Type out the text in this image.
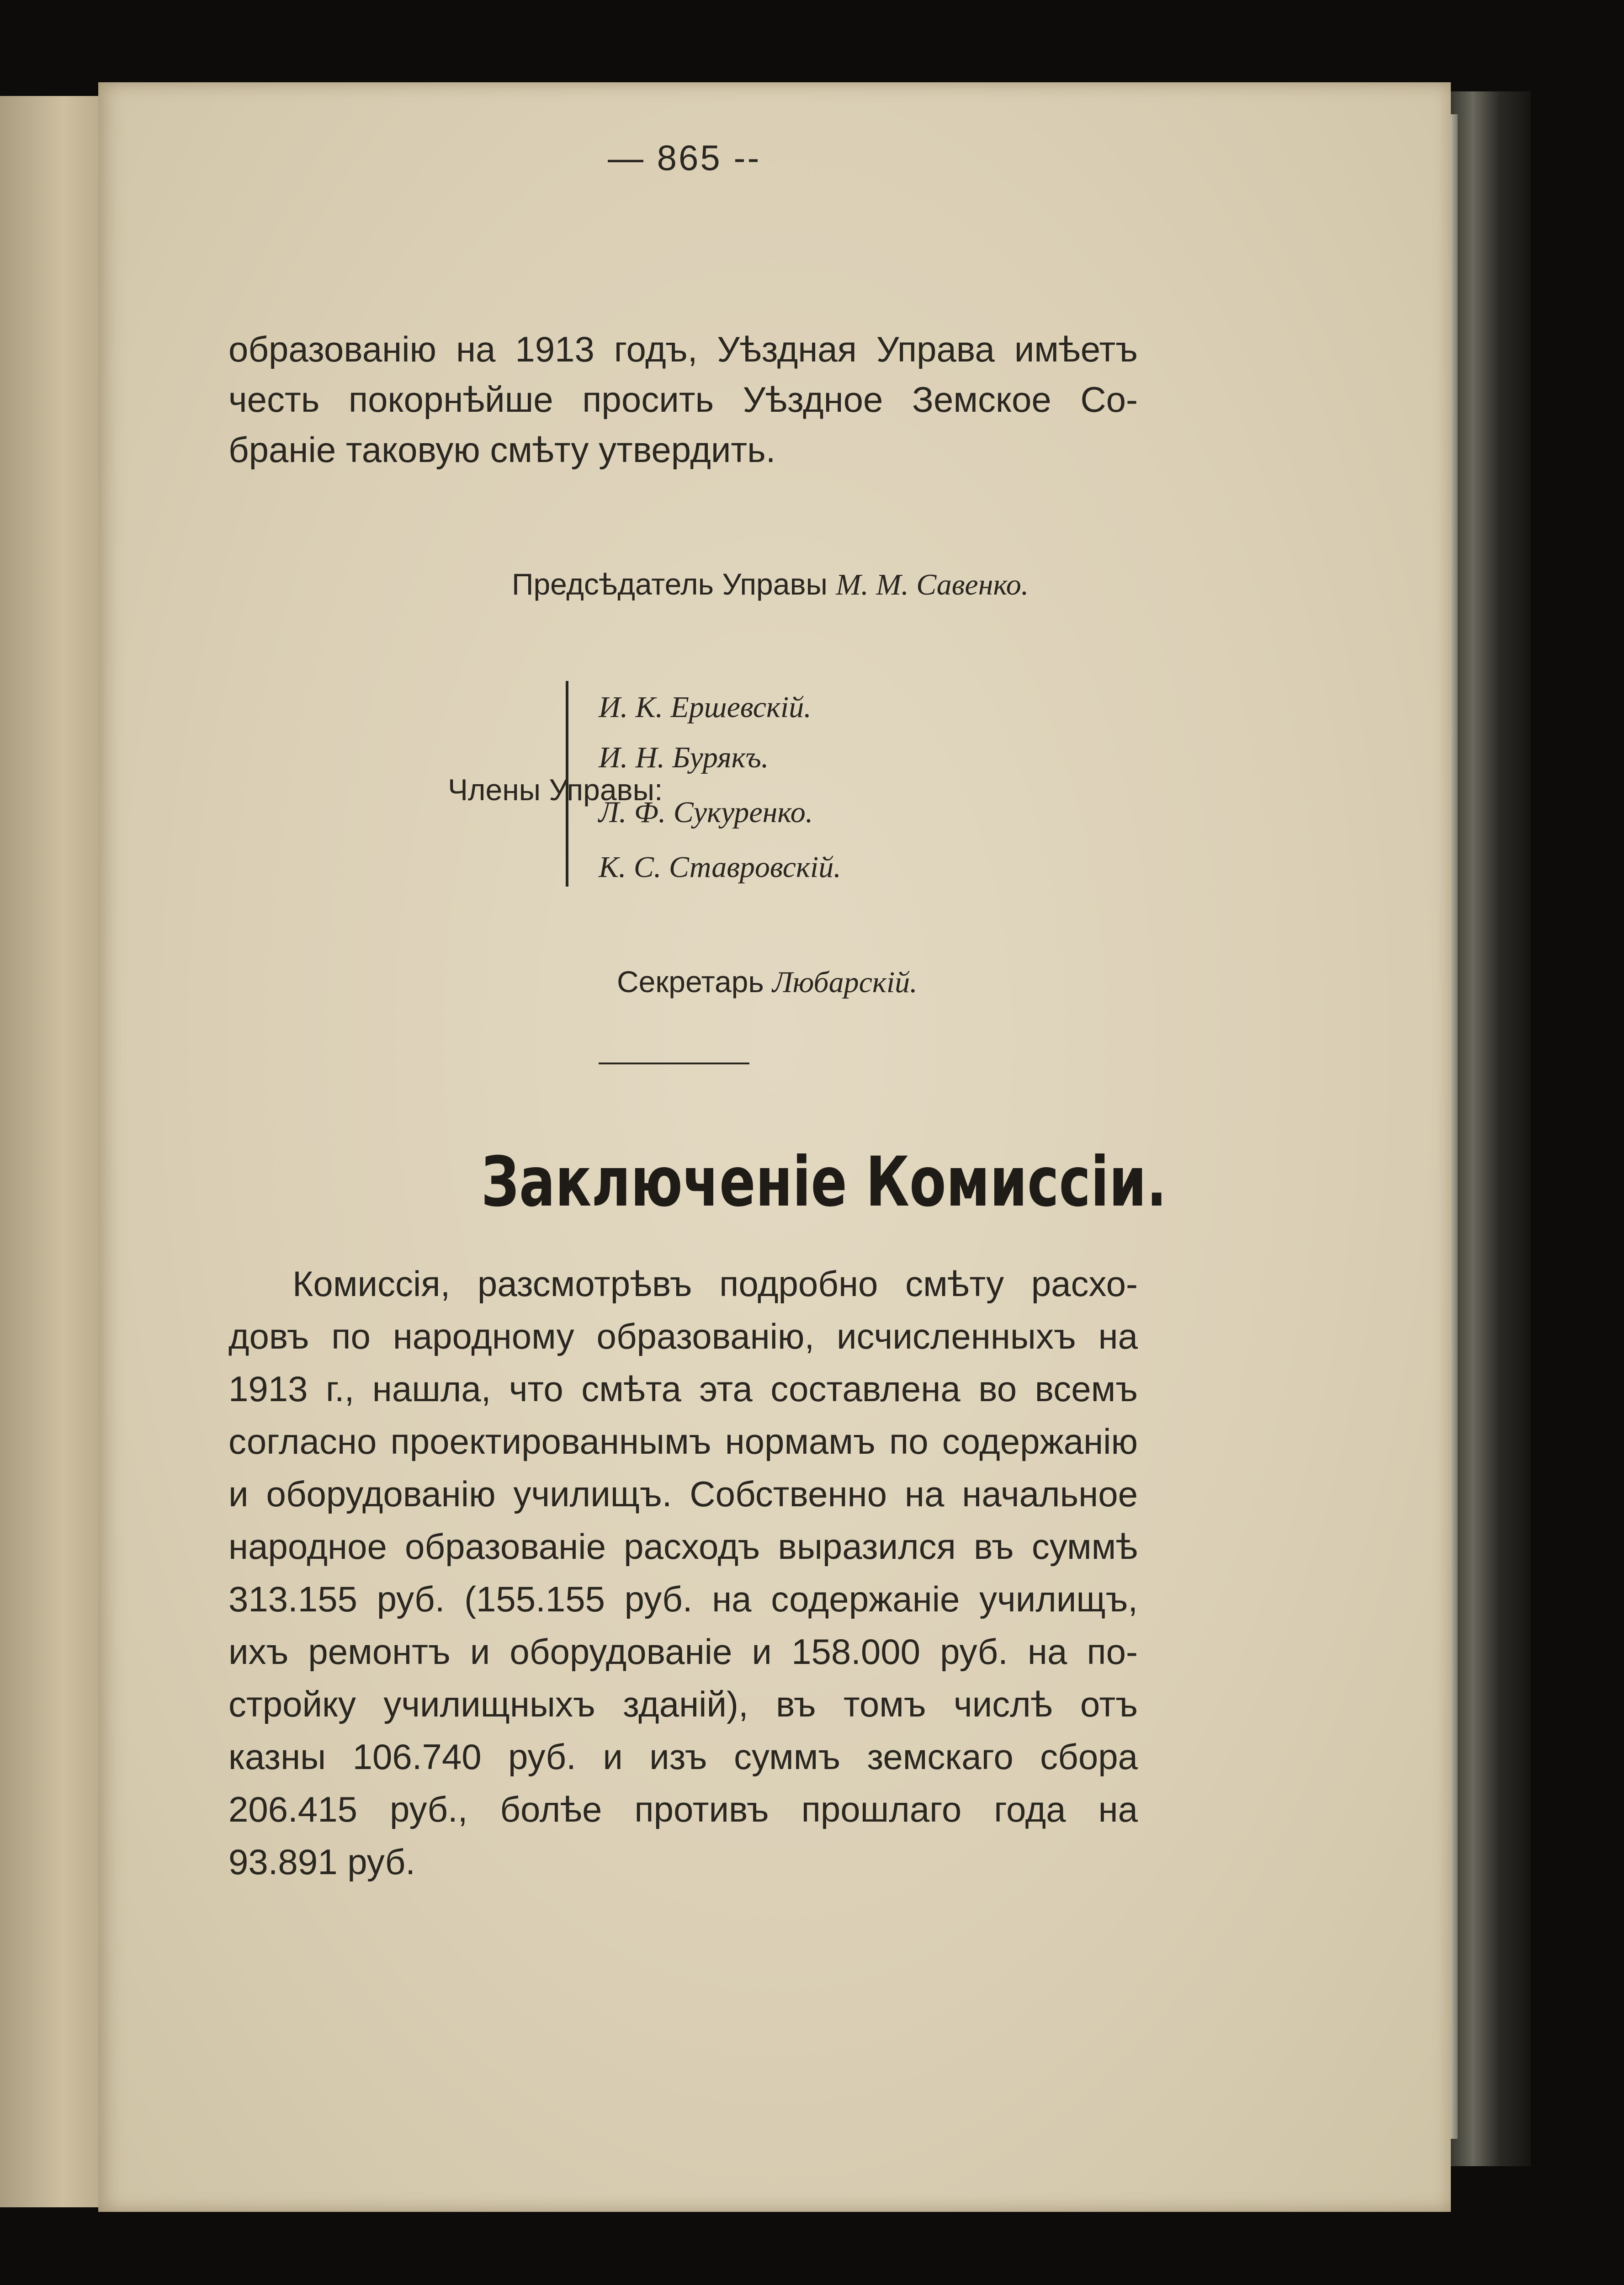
— 865 --
образованію на 1913 годъ, Уѣздная Управа имѣетъ
честь покорнѣйше просить Уѣздное Земское Со-
браніе таковую смѣту утвердить.
Предсѣдатель Управы М. М. Савенко.
Члены Управы:
И. К. Ершевскій.
И. Н. Бурякъ.
Л. Ф. Сукуренко.
К. С. Ставровскій.
Секретарь Любарскій.
Заключеніе Комиссіи.
Комиссія, разсмотрѣвъ подробно смѣту расхо-
довъ по народному образованію, исчисленныхъ на
1913 г., нашла, что смѣта эта составлена во всемъ
согласно проектированнымъ нормамъ по содержанію
и оборудованію училищъ. Собственно на начальное
народное образованіе расходъ выразился въ суммѣ
313.155 руб. (155.155 руб. на содержаніе училищъ,
ихъ ремонтъ и оборудованіе и 158.000 руб. на по-
стройку училищныхъ зданій), въ томъ числѣ отъ
казны 106.740 руб. и изъ суммъ земскаго сбора
206.415 руб., болѣе противъ прошлаго года на
93.891 руб.
